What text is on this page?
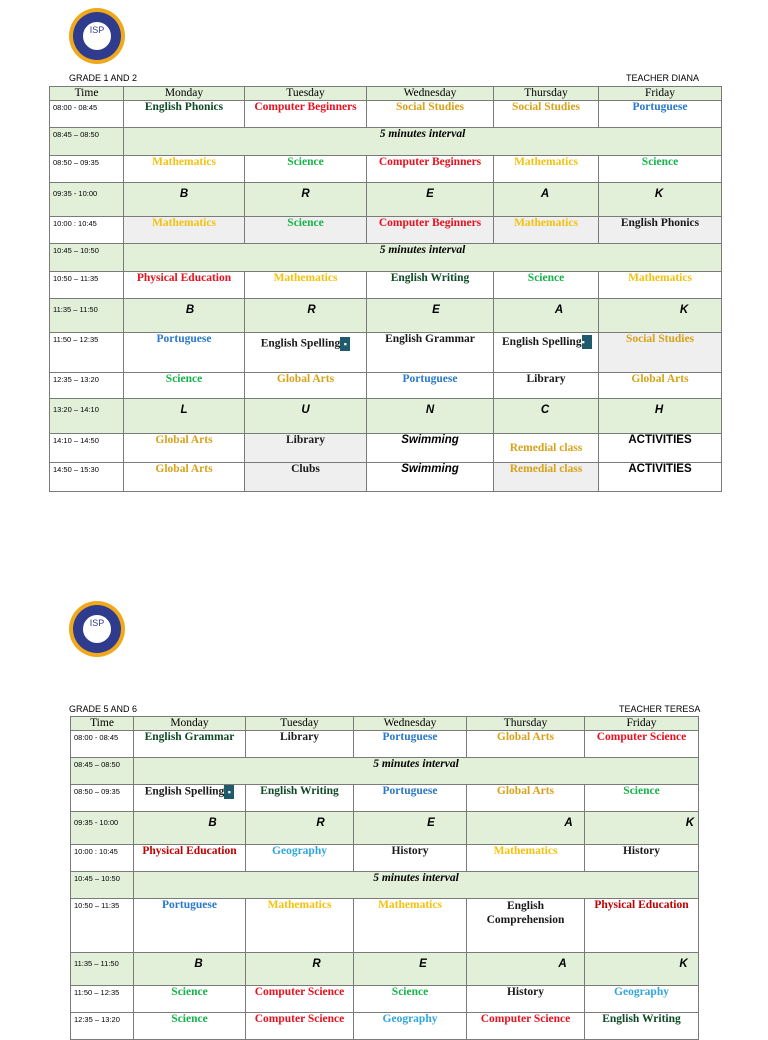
ISP
GRADE 1 AND 2	TEACHER DIANA
Time	Monday	Tuesday	Wednesday	Thursday	Friday
08:00 - 08:45	English Phonics	Computer Beginners	Social Studies	Social Studies	Portuguese
08:45 – 08:50	5 minutes interval				
08:50 – 09:35	Mathematics	Science	Computer Beginners	Mathematics	Science
09:35 - 10:00	B	R	E	A	K
10:00 : 10:45	Mathematics	Science	Computer Beginners	Mathematics	English Phonics
10:45 – 10:50	5 minutes interval				
10:50 – 11:35	Physical Education	Mathematics	English Writing	Science	Mathematics
11:35 – 11:50	B	R	E	A	K
11:50 – 12:35	Portuguese	English Spelling ▪	English Grammar	English Spelling▪	Social Studies
12:35 – 13:20	Science	Global Arts	Portuguese	Library	Global Arts
13:20 – 14:10	L	U	N	C	H
14:10 – 14:50	Global Arts	Library	Swimming	Remedial class	ACTIVITIES
14:50 – 15:30	Global Arts	Clubs	Swimming	Remedial class	ACTIVITIES
ISP
GRADE 5 AND 6	TEACHER TERESA
Time	Monday	Tuesday	Wednesday	Thursday	Friday
08:00 - 08:45	English Grammar	Library	Portuguese	Global Arts	Computer Science
08:45 – 08:50	5 minutes interval				
08:50 – 09:35	English Spelling ▪	English Writing	Portuguese	Global Arts	Science
09:35 - 10:00	B	R	E	A	K
10:00 : 10:45	Physical Education	Geography	History	Mathematics	History
10:45 – 10:50	5 minutes interval				
10:50 – 11:35	Portuguese	Mathematics	Mathematics	English Comprehension	Physical Education
11:35 – 11:50	B	R	E	A	K
11:50 – 12:35	Science	Computer Science	Science	History	Geography
12:35 – 13:20	Science	Computer Science	Geography	Computer Science	English Writing
